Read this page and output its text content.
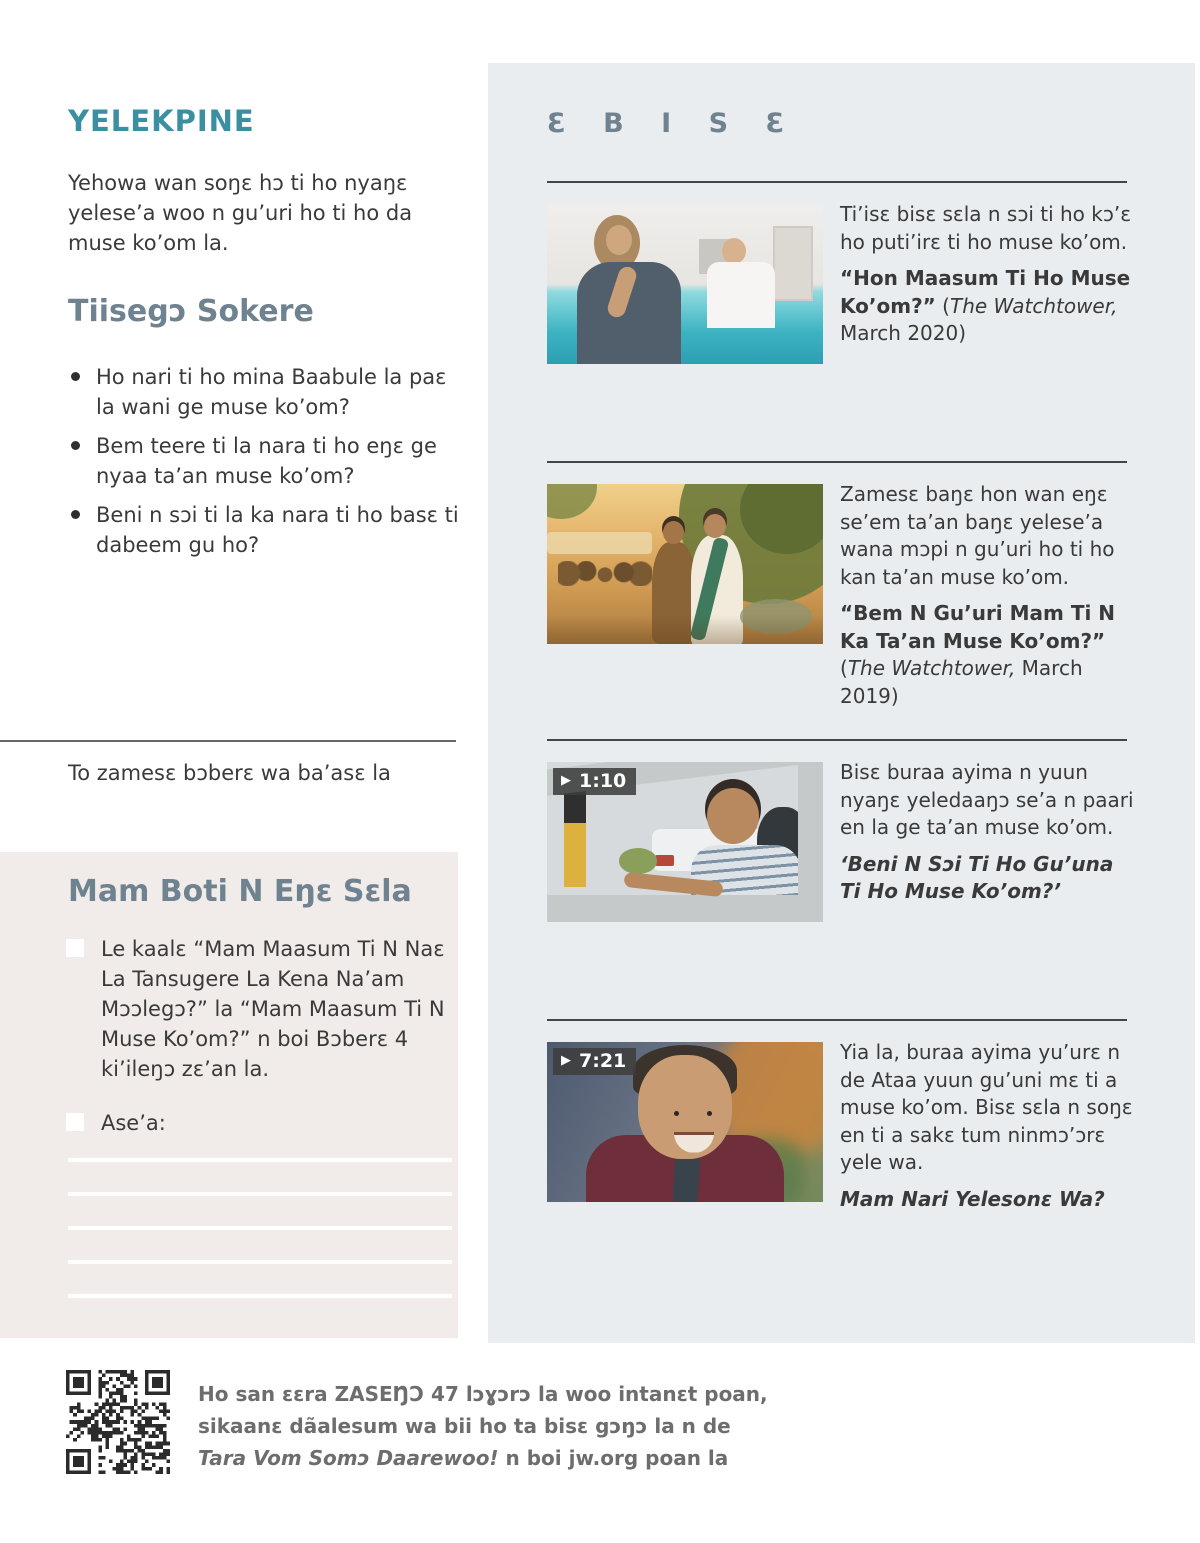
YELEKPINE
Yehowa wan soŋɛ hɔ ti ho nyaŋɛ yelese’a woo n gu’uri ho ti ho da muse ko’om la.
Tiisegɔ Sokere
Ho nari ti ho mina Baabule la paɛ la wani ge muse ko’om?
Bem teere ti la nara ti ho eŋɛ ge nyaa ta’an muse ko’om?
Beni n sɔi ti la ka nara ti ho basɛ ti dabeem gu ho?
To zamesɛ bɔberɛ wa ba’asɛ la
Mam Boti N Eŋɛ Sɛla
Le kaalɛ “Mam Maasum Ti N Naɛ La Tansugere La Kena Na’am Mɔɔlegɔ?” la “Mam Maasum Ti N Muse Ko’om?” n boi Bɔberɛ 4 ki’ileŋɔ zɛ’an la.
Ase’a:
Ho san ɛɛra ZASEŊƆ 47 lɔɣɔrɔ la woo intanɛt poan,
sikaanɛ dãalesum wa bii ho ta bisɛ gɔŋɔ la n de
Tara Vom Somɔ Daarewoo! n boi jw.org poan la
Ɛ B I S Ɛ

Ti’isɛ bisɛ sɛla n sɔi ti ho kɔ’ɛ ho puti’irɛ ti ho muse ko’om.

“Hon Maasum Ti Ho Muse Ko’om?” (The Watchtower, March 2020)

Zamesɛ baŋɛ hon wan eŋɛ se’em ta’an baŋɛ yelese’a wana mɔpi n gu’uri ho ti ho kan ta’an muse ko’om.

“Bem N Gu’uri Mam Ti N Ka Ta’an Muse Ko’om?”

(The Watchtower, March 2019)

▶ 1:10	Bisɛ buraa ayima n yuun nyaŋɛ yeledaaŋɔ se’a n paari en la ge ta’an muse ko’om.

‘Beni N Sɔi Ti Ho Gu’una Ti Ho Muse Ko’om?’

▶ 7:21	Yia la, buraa ayima yu’urɛ n de Ataa yuun gu’uni mɛ ti a muse ko’om. Bisɛ sɛla n soŋɛ en ti a sakɛ tum ninmɔ’ɔrɛ yele wa.

Mam Nari Yelesonɛ Wa?
